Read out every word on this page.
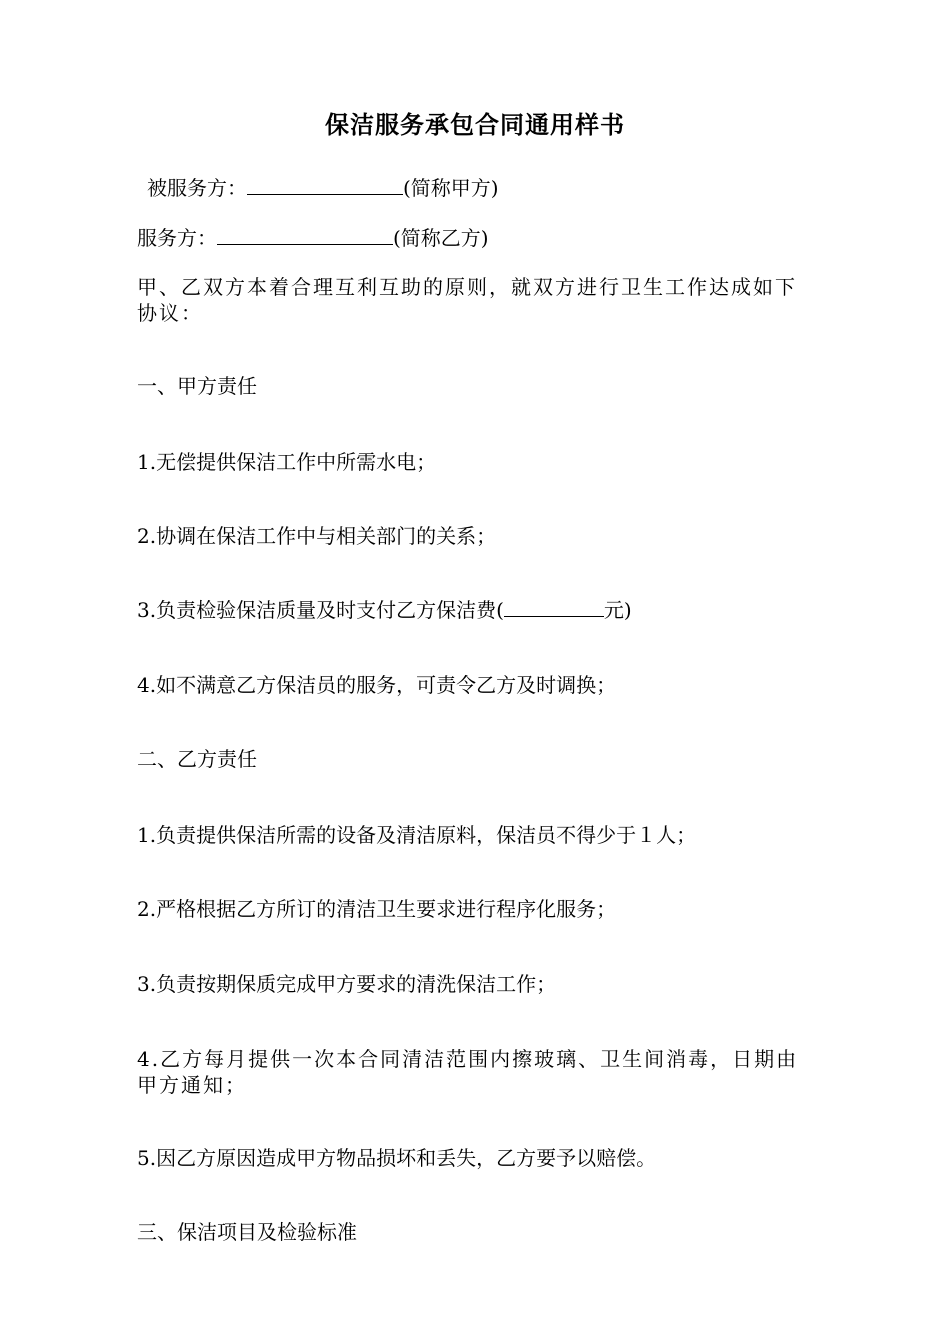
保洁服务承包合同通用样书
被服务方：	(简称甲方)
服务方：	(简称乙方)
甲、乙双方本着合理互利互助的原则，就双方进行卫生工作达成如下协议：
一、甲方责任
1.无偿提供保洁工作中所需水电；
2.协调在保洁工作中与相关部门的关系；
3.负责检验保洁质量及时支付乙方保洁费(	元)
4.如不满意乙方保洁员的服务，可责令乙方及时调换；
二、乙方责任
1.负责提供保洁所需的设备及清洁原料，保洁员不得少于１人；
2.严格根据乙方所订的清洁卫生要求进行程序化服务；
3.负责按期保质完成甲方要求的清洗保洁工作；
4.乙方每月提供一次本合同清洁范围内擦玻璃、卫生间消毒，日期由甲方通知；
5.因乙方原因造成甲方物品损坏和丢失，乙方要予以赔偿。
三、保洁项目及检验标准
